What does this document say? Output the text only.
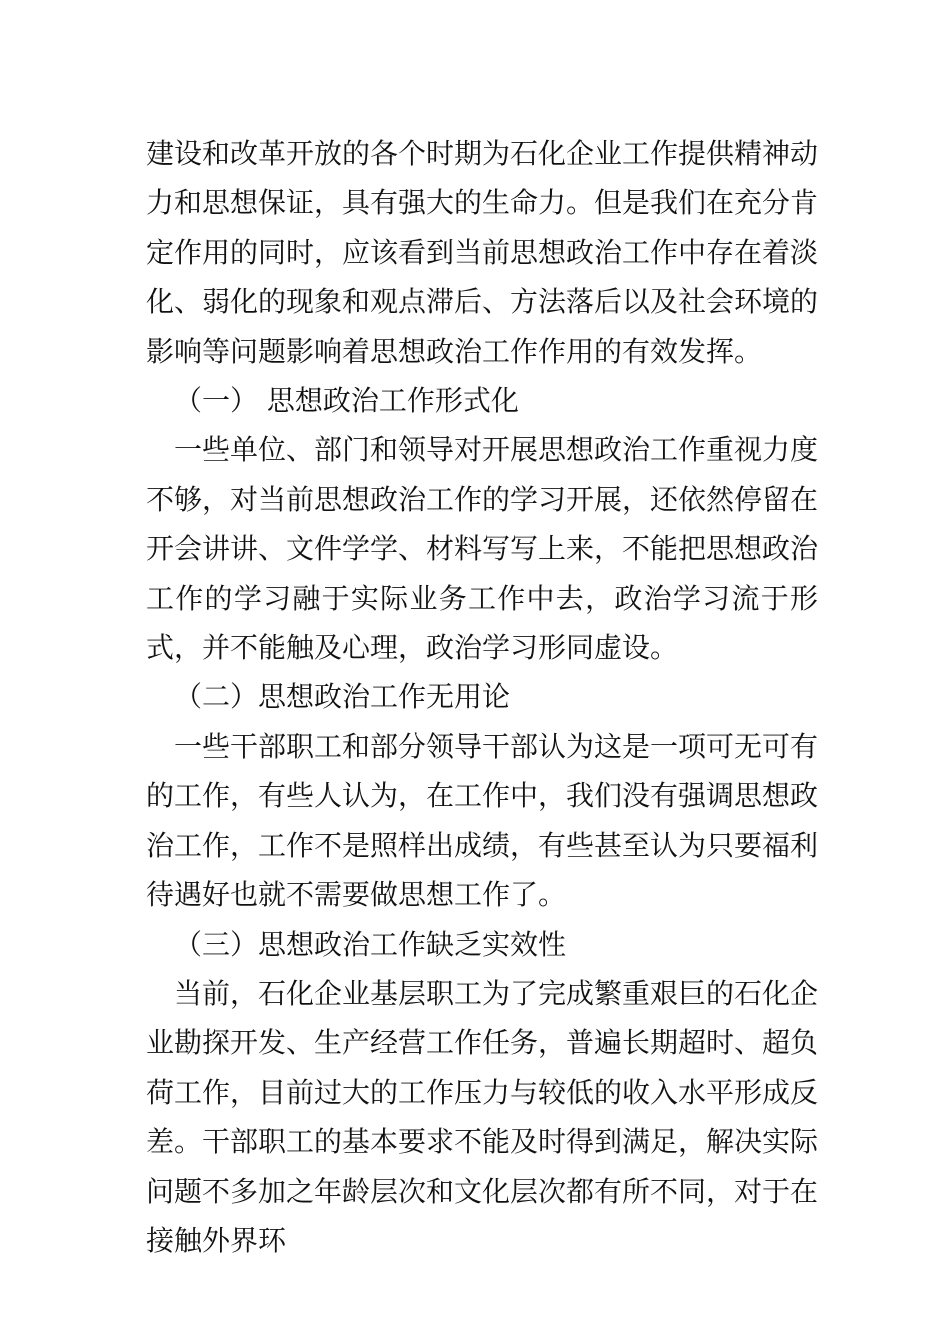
建设和改革开放的各个时期为石化企业工作提供精神动力和思想保证，具有强大的生命力。但是我们在充分肯定作用的同时，应该看到当前思想政治工作中存在着淡化、弱化的现象和观点滞后、方法落后以及社会环境的影响等问题影响着思想政治工作作用的有效发挥。

（一） 思想政治工作形式化

一些单位、部门和领导对开展思想政治工作重视力度不够，对当前思想政治工作的学习开展，还依然停留在开会讲讲、文件学学、材料写写上来，不能把思想政治工作的学习融于实际业务工作中去，政治学习流于形式，并不能触及心理，政治学习形同虚设。

（二）思想政治工作无用论

一些干部职工和部分领导干部认为这是一项可无可有的工作，有些人认为，在工作中，我们没有强调思想政治工作，工作不是照样出成绩，有些甚至认为只要福利待遇好也就不需要做思想工作了。

（三）思想政治工作缺乏实效性

当前，石化企业基层职工为了完成繁重艰巨的石化企业勘探开发、生产经营工作任务，普遍长期超时、超负荷工作，目前过大的工作压力与较低的收入水平形成反差。干部职工的基本要求不能及时得到满足，解决实际问题不多加之年龄层次和文化层次都有所不同，对于在接触外界环
